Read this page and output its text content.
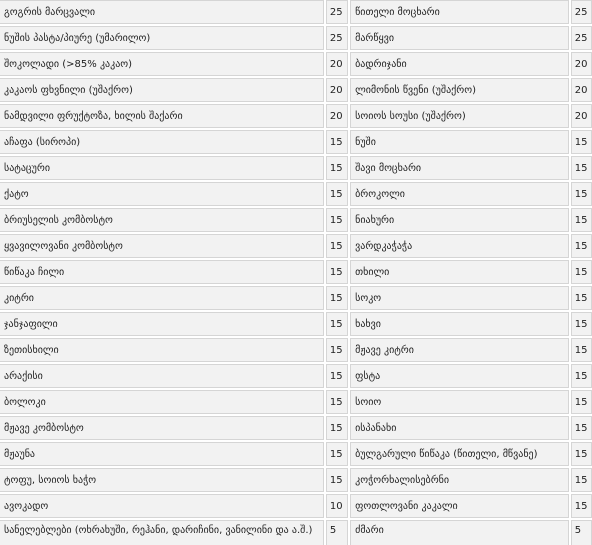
გოგრის მარცვალი	25	წითელი მოცხარი	25
ნუშის პასტა/პიურე (უმარილო)	25	მარწყვი	25
შოკოლადი (>85% კაკაო)	20	ბადრიჯანი	20
კაკაოს ფხვნილი (უშაქრო)	20	ლიმონის წვენი (უშაქრო)	20
ნამდვილი ფრუქტოზა, ხილის შაქარი	20	სოიოს სოუსი (უშაქრო)	20
აჩაფა (სიროპი)	15	ნუში	15
სატაცური	15	შავი მოცხარი	15
ქატო	15	ბროკოლი	15
ბრიუსელის კომბოსტო	15	ნიახური	15
ყვავილოვანი კომბოსტო	15	ვარდკაჭაჭა	15
წიწაკა ჩილი	15	თხილი	15
კიტრი	15	სოკო	15
ჯანჯაფილი	15	ხახვი	15
ზეთისხილი	15	მჟავე კიტრი	15
არაქისი	15	ფსტა	15
ბოლოკი	15	სოიო	15
მჟავე კომბოსტო	15	ისპანახი	15
მჟაუნა	15	ბულგარული წიწაკა (წითელი, მწვანე)	15
ტოფუ, სოიოს ხაჭო	15	კოჭორხალისებრნი	15
ავოკადო	10	ფოთლოვანი კაკალი	15
სანელებლები (ოხრახუში, რეჰანი, დარიჩინი, ვანილინი და ა.შ.)	5	ძმარი	5
